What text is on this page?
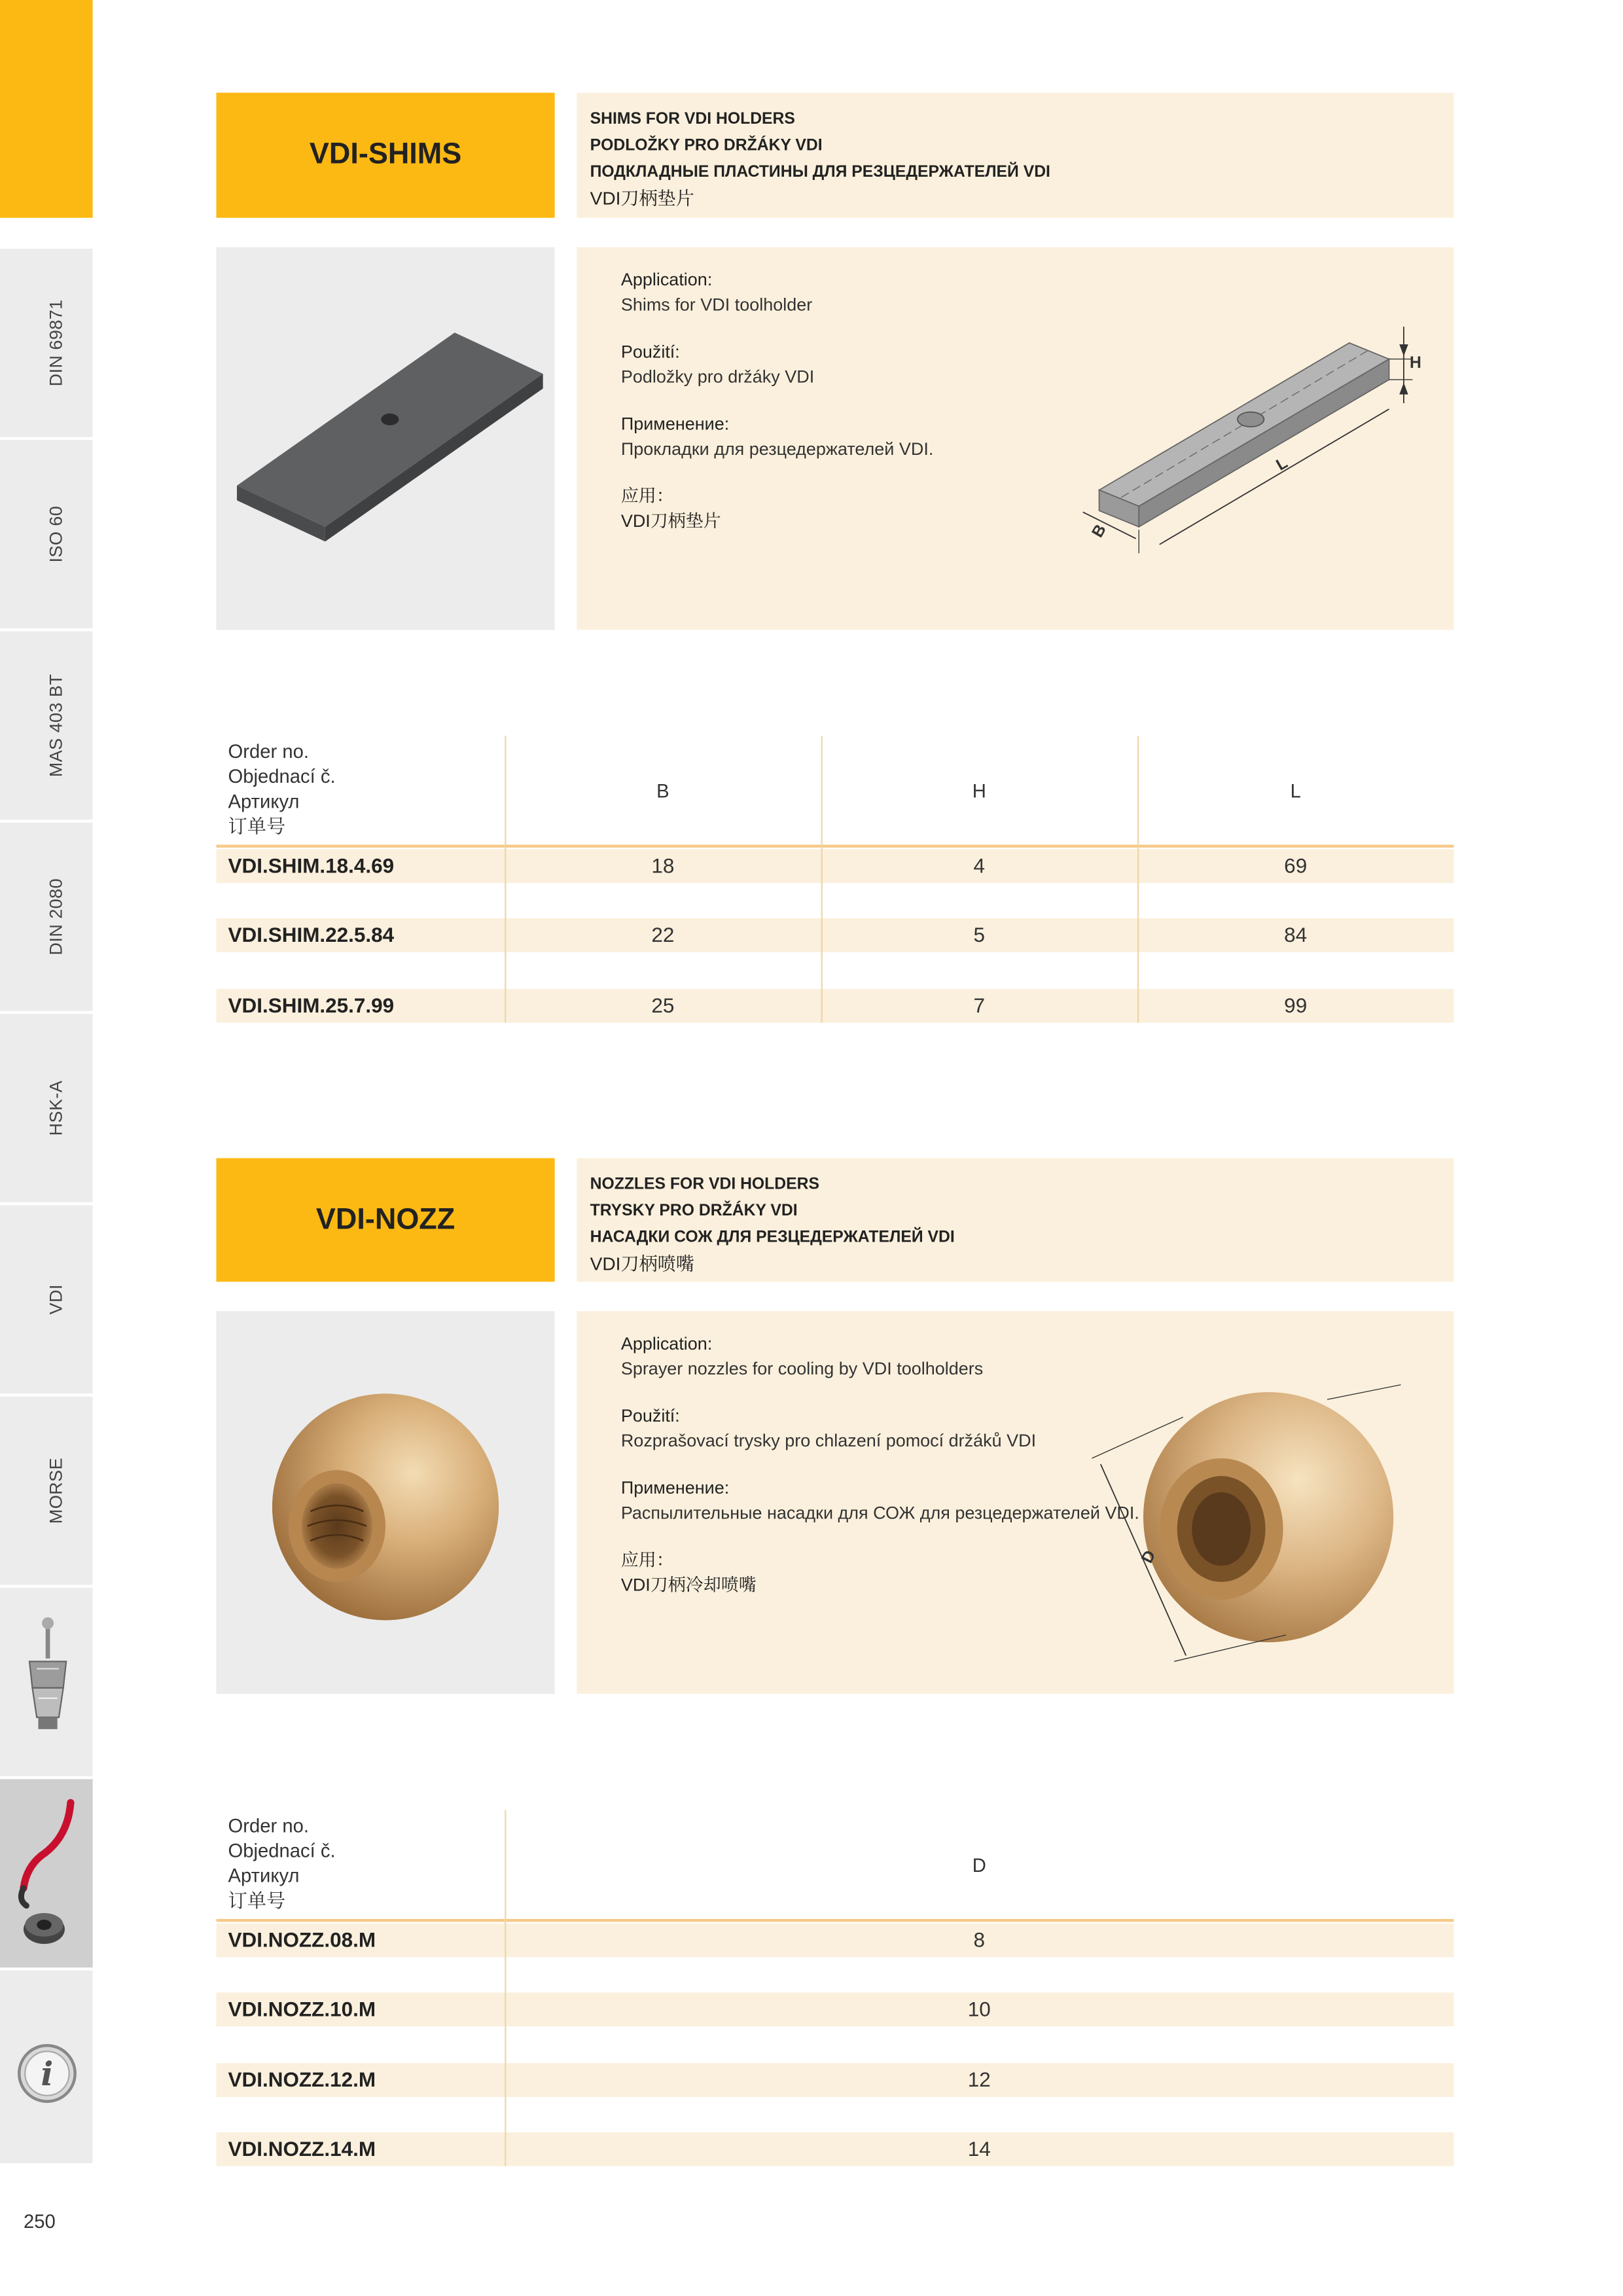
DIN 69871
ISO 60
MAS 403 BT
DIN 2080
HSK-A
VDI
MORSE
i
VDI-SHIMS
SHIMS FOR VDI HOLDERS
PODLOŽKY PRO DRŽÁKY VDI
ПОДКЛАДНЫЕ ПЛАСТИНЫ ДЛЯ РЕЗЦЕДЕРЖАТЕЛЕЙ VDI
VDI刀柄垫片
Application:
Shims for VDI toolholder
Použití:
Podložky pro držáky VDI
Применение:
Прокладки для резцедержателей VDI.
应用：
VDI刀柄垫片
H
L
B
Order no.
Objednací č.
Артикул
订单号
B	H	L
VDI.SHIM.18.4.69	18	4	69
VDI.SHIM.22.5.84	22	5	84
VDI.SHIM.25.7.99	25	7	99
VDI-NOZZ
NOZZLES FOR VDI HOLDERS
TRYSKY PRO DRŽÁKY VDI
НАСАДКИ СОЖ ДЛЯ РЕЗЦЕДЕРЖАТЕЛЕЙ VDI
VDI刀柄喷嘴
Application:
Sprayer nozzles for cooling by VDI toolholders
Použití:
Rozprašovací trysky pro chlazení pomocí držáků VDI
Применение:
Распылительные насадки для СОЖ для резцедержателей VDI.
应用：
VDI刀柄冷却喷嘴
D
Order no.
Objednací č.
Артикул
订单号
D
VDI.NOZZ.08.M	8
VDI.NOZZ.10.M	10
VDI.NOZZ.12.M	12
VDI.NOZZ.14.M	14
250
